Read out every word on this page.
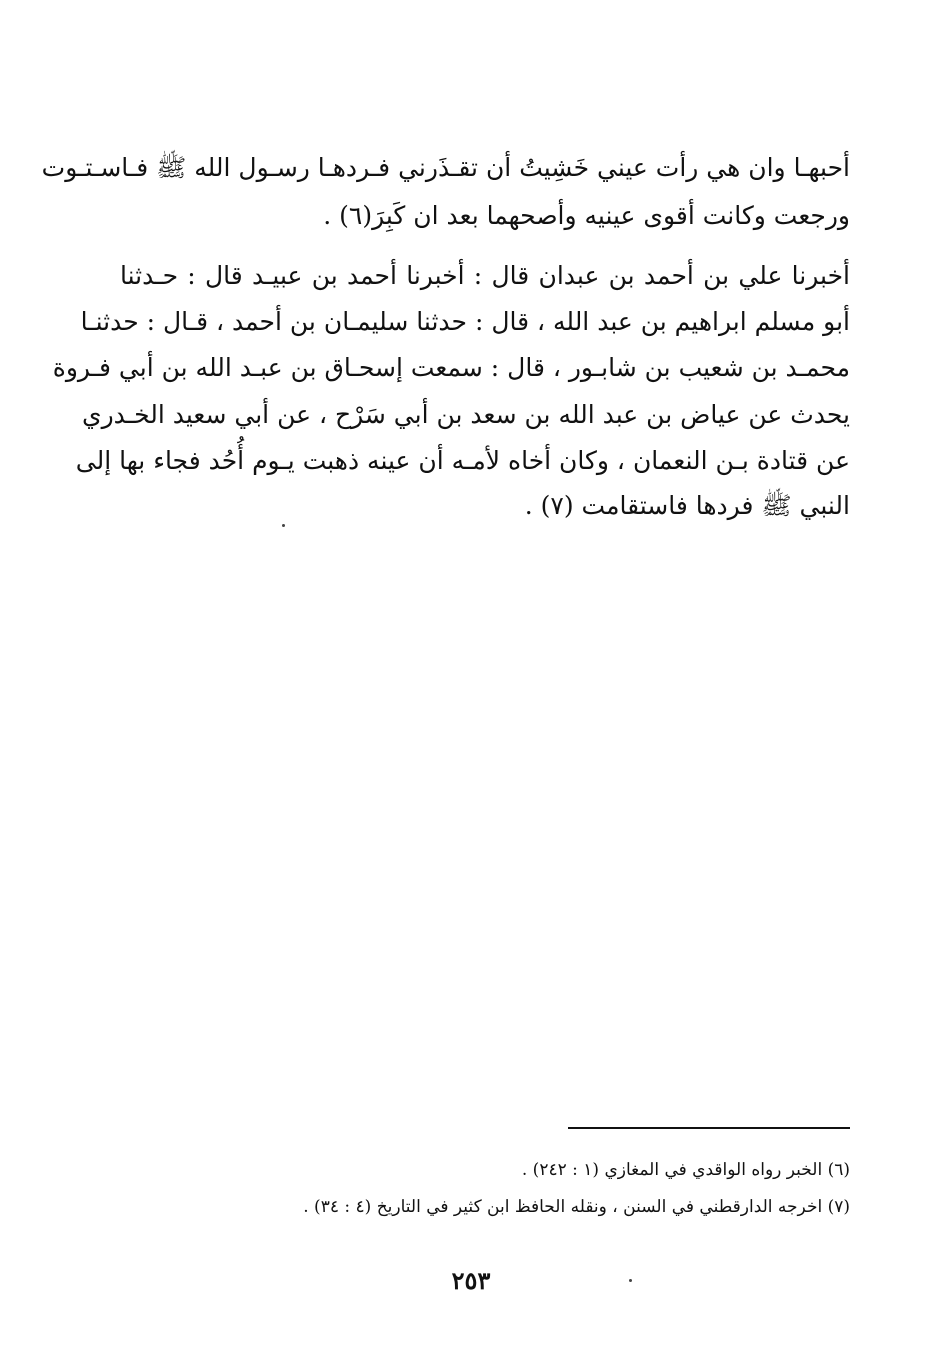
أحبهـا وان هي رأت عيني خَشِيتُ أن تقـذَرني فـردهـا رسـول الله ﷺ فـاسـتـوت
ورجعت وكانت أقوى عينيه وأصحهما بعد ان كَبِرَ(٦) .
أخبرنا علي بن أحمد بن عبدان قال : أخبرنا أحمد بن عبيـد قال : حـدثنا
أبو مسلم ابراهيم بن عبد الله ، قال : حدثنا سليمـان بن أحمد ، قـال : حدثنـا
محمـد بن شعيب بن شابـور ، قال : سمعت إسحـاق بن عبـد الله بن أبي فـروة
يحدث عن عياض بن عبد الله بن سعد بن أبي سَرْح ، عن أبي سعيد الخـدري
عن قتادة بـن النعمان ، وكان أخاه لأمـه أن عينه ذهبت يـوم أُحُد فجاء بها إلى
النبي ﷺ فردها فاستقامت (٧) .
(٦) الخبر رواه الواقدي في المغازي (١ : ٢٤٢) .
(٧) اخرجه الدارقطني في السنن ، ونقله الحافظ ابن كثير في التاريخ (٤ : ٣٤) .
٢٥٣
